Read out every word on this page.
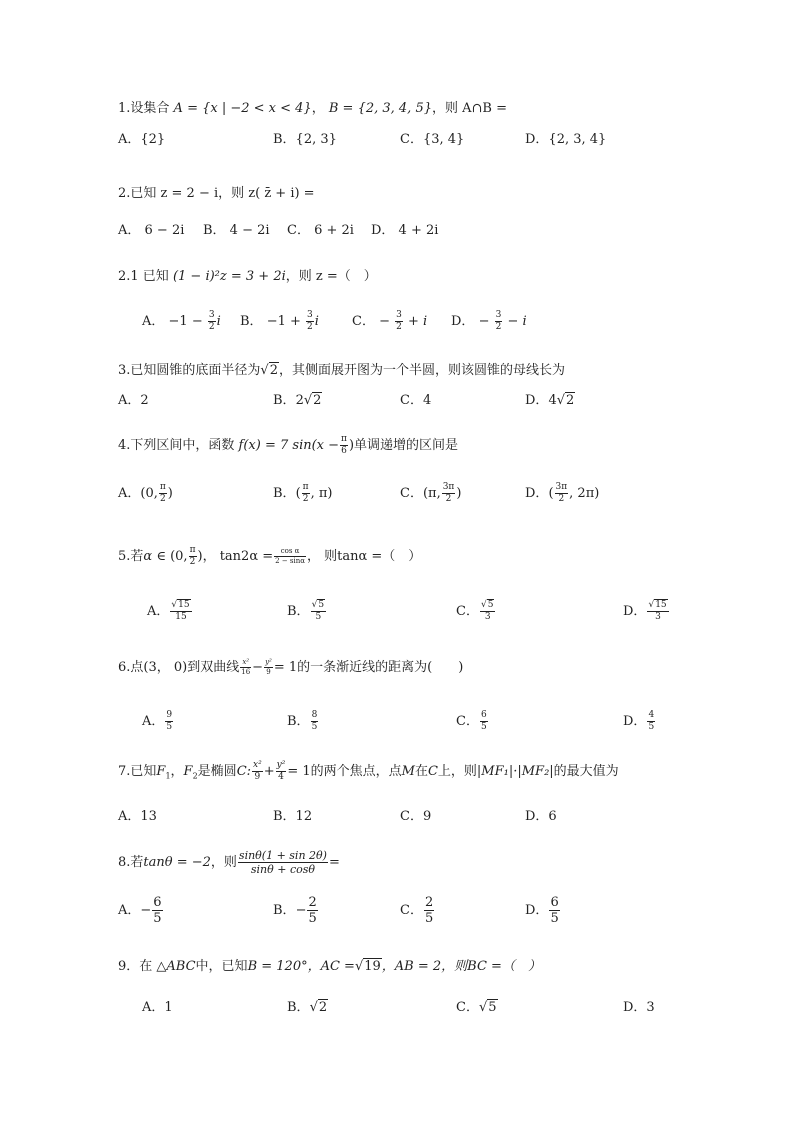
1.设集合 A = {x | −2 < x < 4}， B = {2, 3, 4, 5}，则 A∩B =
A．{2}	B．{2, 3}	C．{3, 4}	D．{2, 3, 4}
2.已知 z = 2 − i，则 z( z̄ + i) =
A． 6 − 2i B． 4 − 2i C． 6 + 2i D． 4 + 2i
2.1 已知 (1 − i)²z = 3 + 2i，则 z =（　）
A． $-1 - \frac{3}{2}$ i B． $-1 + \frac{3}{2}$ i	C． − $\frac{3}{2} + i$ D． − $\frac{3}{2} - i$
3.已知圆锥的底面半径为√2，其侧面展开图为一个半圆，则该圆锥的母线长为
A．2	B．2√2	C．4	D．4√2
4.下列区间中，函数 f(x) = 7 $\sin(x - \frac{\pi}{6}$ )单调递增的区间是
A．(0, $\frac{\pi}{2}$ )	B．( $\frac{\pi}{2}$ , π)	C．(π, $\frac{3\pi}{2}$ )	D．( $\frac{3\pi}{2}$ , 2π)
5.若α ∈ (0, $\frac{\pi}{2}$ )， $\tan 2\alpha = \frac{\text{cos α}}{2 - \sin\alpha}$ ， 则tanα =（　）
A． $\frac{√15}{15}$	B． $\frac{√5}{5}$	C． $\frac{√5}{3}$	D． $\frac{√15}{3}$
6.点(3， 0)到双曲线 $\frac{\text{x²}}{16} - \frac{\text{y²}}{9} = 1$的一条渐近线的距离为(　　)
A． $\frac{9}{5}$	B． $\frac{8}{5}$	C． $\frac{6}{5}$	D． $\frac{4}{5}$
7.已知$F_1$，$F_2$是椭圆C: $\frac{\text{x²}}{9} + \frac{\text{y²}}{4} = 1$的两个焦点，点M在C上，则|MF₁|·|MF₂|的最大值为
A．13	B．12	C．9	D．6
8.若tanθ = −2，则 $\frac{\sin\theta(1 + \sin 2\theta)}{\sin\theta + \cos\theta}$ =
A．− $\frac{6}{5}$	B．− $\frac{2}{5}$	C． $\frac{2}{5}$	D． $\frac{6}{5}$
9．在 △ABC中，已知B = 120°，AC =√19，AB = 2，则BC =（　）
A．1	B．√2	C．√5	D．3
